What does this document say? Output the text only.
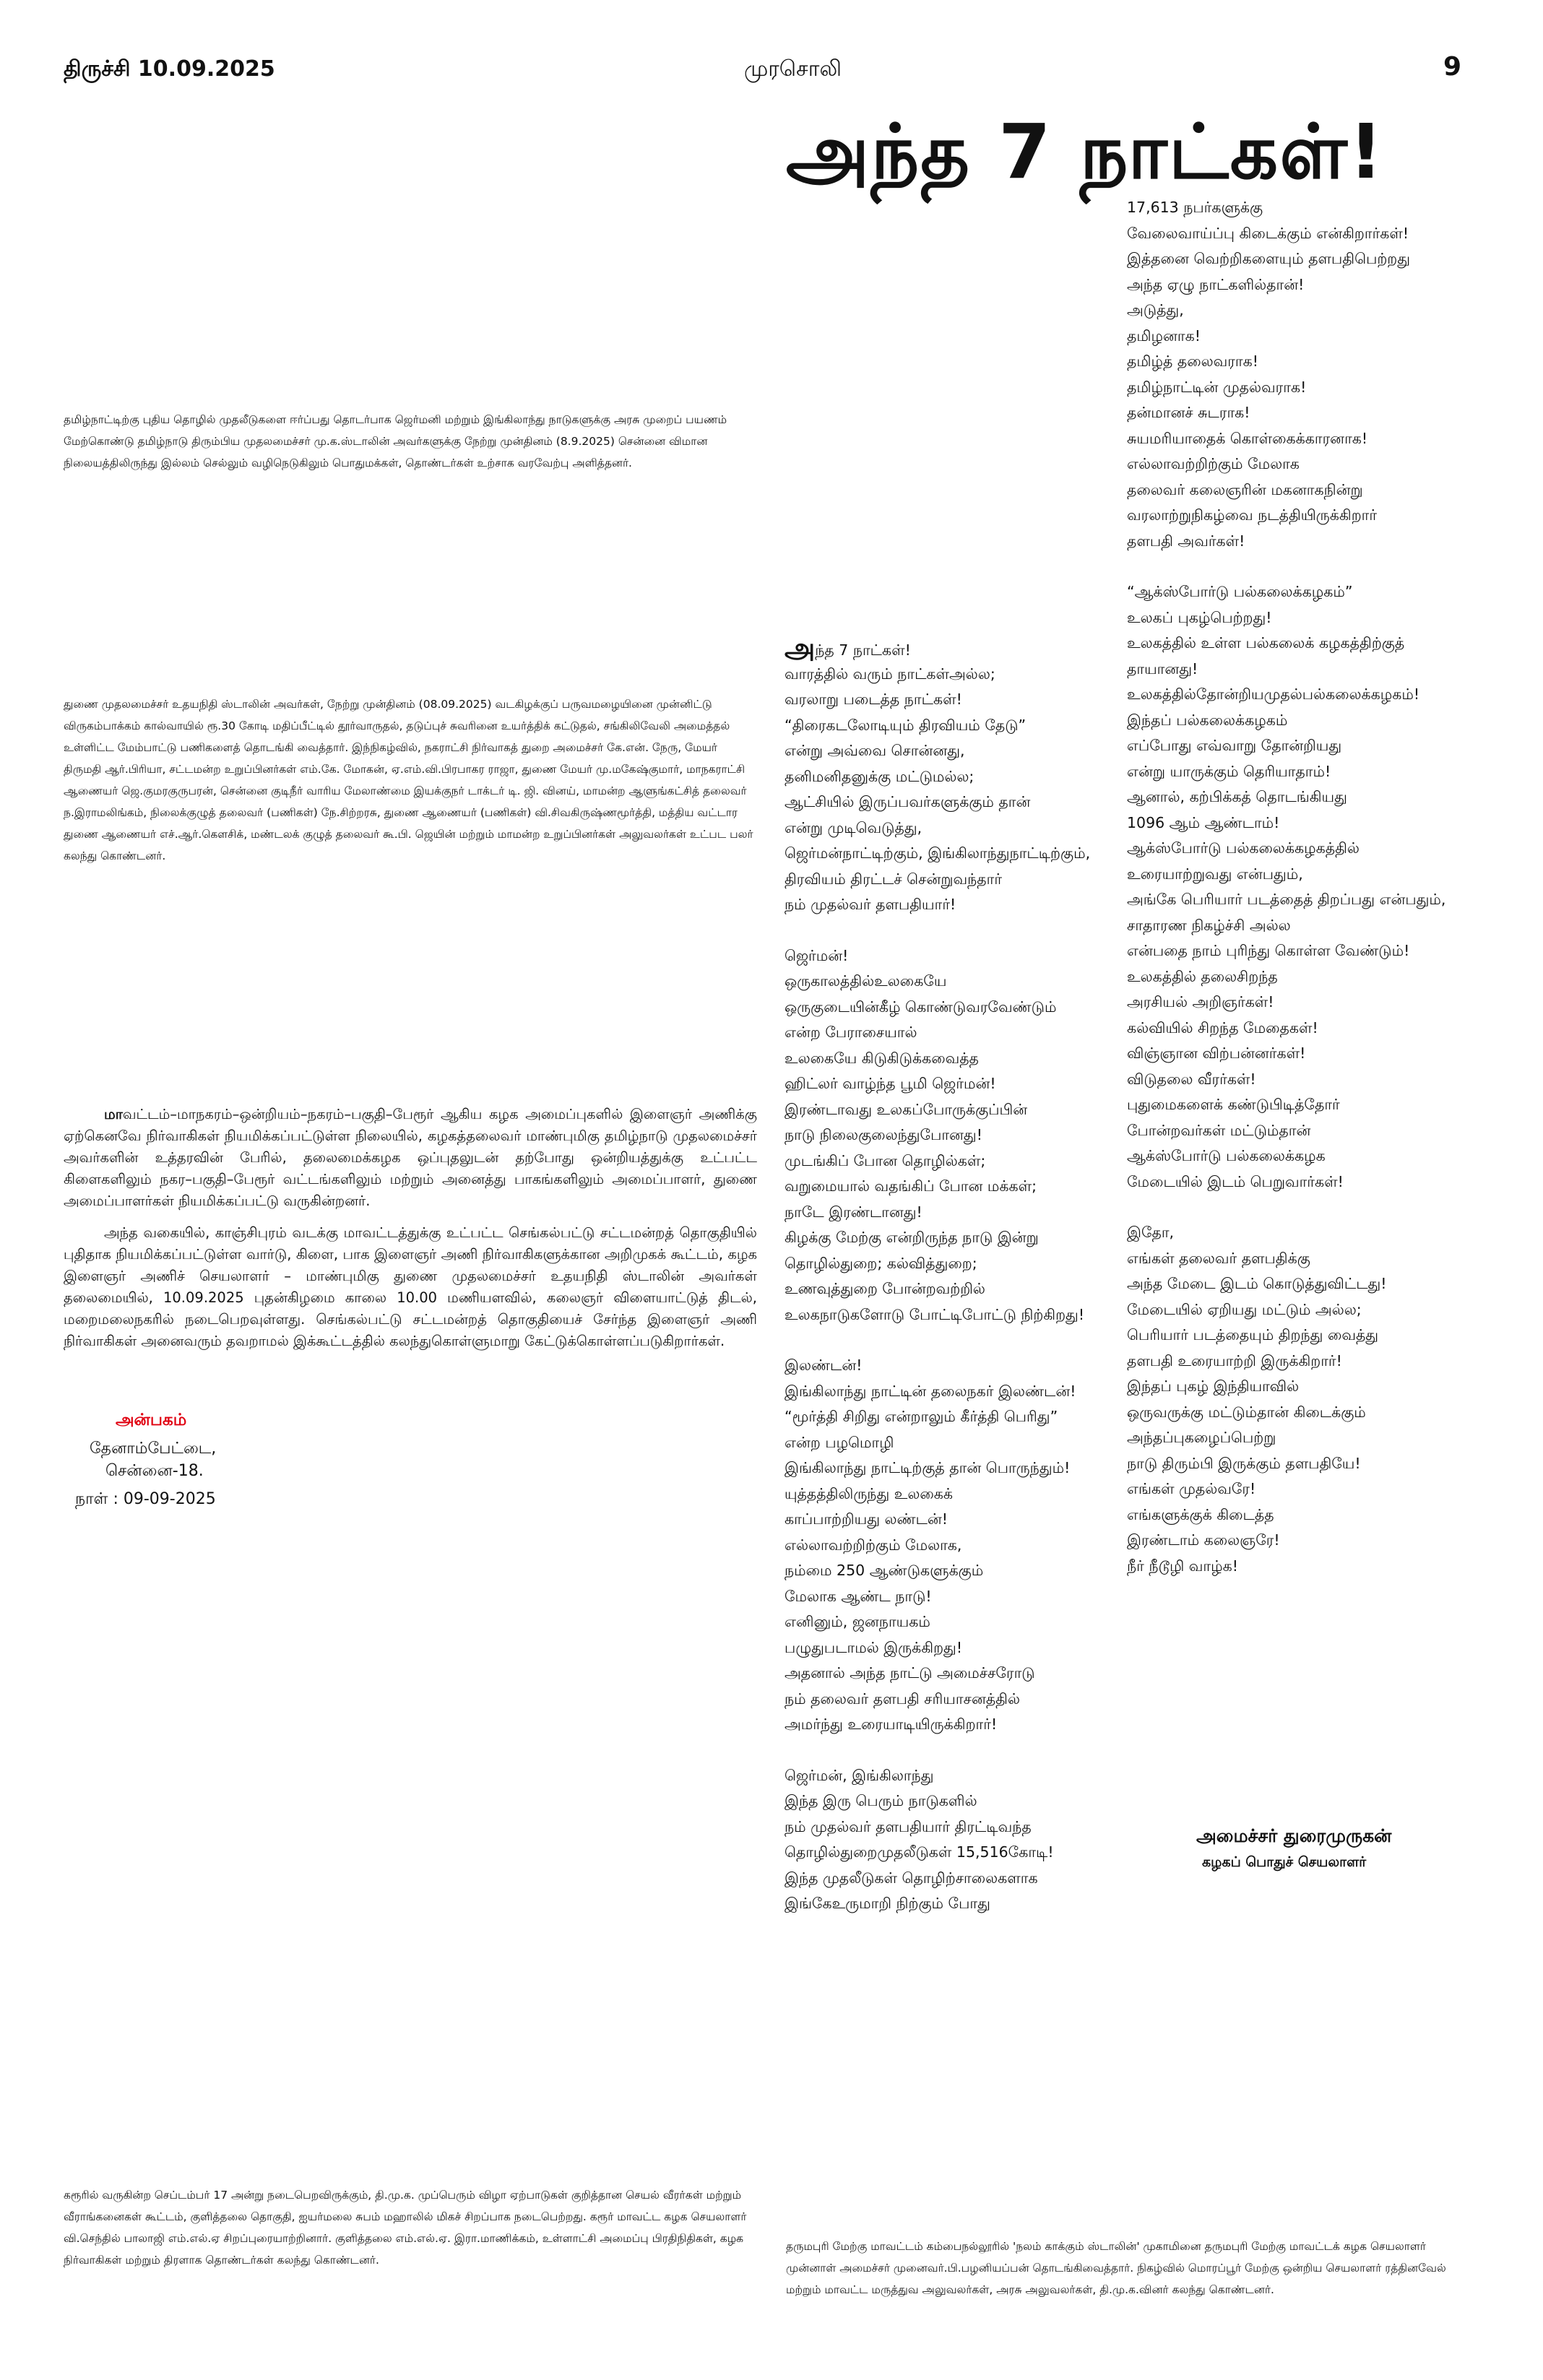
திருச்சி 10.09.2025	முரசொலி	9
அந்த 7 நாட்கள்!
தமிழ்நாட்டிற்கு புதிய தொழில் முதலீடுகளை ஈர்ப்பது தொடர்பாக ஜெர்மனி மற்றும் இங்கிலாந்து நாடுகளுக்கு அரசு முறைப் பயணம் மேற்கொண்டு தமிழ்நாடு திரும்பிய முதலமைச்சர் மு.க.ஸ்டாலின் அவர்களுக்கு நேற்று முன்தினம் (8.9.2025) சென்னை விமான நிலையத்திலிருந்து இல்லம் செல்லும் வழிநெடுகிலும் பொதுமக்கள், தொண்டர்கள் உற்சாக வரவேற்பு அளித்தனர்.
துணை முதலமைச்சர் உதயநிதி ஸ்டாலின் அவர்கள், நேற்று முன்தினம் (08.09.2025) வடகிழக்குப் பருவமழையினை முன்னிட்டு விருகம்பாக்கம் கால்வாயில் ரூ.30 கோடி மதிப்பீட்டில் தூர்வாருதல், தடுப்புச் சுவரினை உயர்த்திக் கட்டுதல், சங்கிலிவேலி அமைத்தல் உள்ளிட்ட மேம்பாட்டு பணிகளைத் தொடங்கி வைத்தார். இந்நிகழ்வில், நகராட்சி நிர்வாகத் துறை அமைச்சர் கே.என். நேரு, மேயர் திருமதி ஆர்.பிரியா, சட்டமன்ற உறுப்பினர்கள் எம்.கே. மோகன், ஏ.எம்.வி.பிரபாகர ராஜா, துணை மேயர் மு.மகேஷ்குமார், மாநகராட்சி ஆணையர் ஜெ.குமரகுருபரன், சென்னை குடிநீர் வாரிய மேலாண்மை இயக்குநர் டாக்டர் டி. ஜி. வினய், மாமன்ற ஆளுங்கட்சித் தலைவர் ந.இராமலிங்கம், நிலைக்குழுத் தலைவர் (பணிகள்) நே.சிற்றரசு, துணை ஆணையர் (பணிகள்) வி.சிவகிருஷ்ணமூர்த்தி, மத்திய வட்டார துணை ஆணையர் எச்.ஆர்.கௌசிக், மண்டலக் குழுத் தலைவர் கூ.பி. ஜெயின் மற்றும் மாமன்ற உறுப்பினர்கள் அலுவலர்கள் உட்பட பலர் கலந்து கொண்டனர்.

மாவட்டம்–மாநகரம்–ஒன்றியம்–நகரம்–பகுதி–பேரூர் ஆகிய கழக அமைப்புகளில் இளைஞர் அணிக்கு ஏற்கெனவே நிர்வாகிகள் நியமிக்கப்பட்டுள்ள நிலையில், கழகத்தலைவர் மாண்புமிகு தமிழ்நாடு முதலமைச்சர் அவர்களின் உத்தரவின் பேரில், தலைமைக்கழக ஒப்புதலுடன் தற்போது ஒன்றியத்துக்கு உட்பட்ட கிளைகளிலும் நகர–பகுதி–பேரூர் வட்டங்களிலும் மற்றும் அனைத்து பாகங்களிலும் அமைப்பாளர், துணை அமைப்பாளர்கள் நியமிக்கப்பட்டு வருகின்றனர்.

அந்த வகையில், காஞ்சிபுரம் வடக்கு மாவட்டத்துக்கு உட்பட்ட செங்கல்பட்டு சட்டமன்றத் தொகுதியில் புதிதாக நியமிக்கப்பட்டுள்ள வார்டு, கிளை, பாக இளைஞர் அணி நிர்வாகிகளுக்கான அறிமுகக் கூட்டம், கழக இளைஞர் அணிச் செயலாளர் – மாண்புமிகு துணை முதலமைச்சர் உதயநிதி ஸ்டாலின் அவர்கள் தலைமையில், 10.09.2025 புதன்கிழமை காலை 10.00 மணியளவில், கலைஞர் விளையாட்டுத் திடல், மறைமலைநகரில் நடைபெறவுள்ளது. செங்கல்பட்டு சட்டமன்றத் தொகுதியைச் சேர்ந்த இளைஞர் அணி நிர்வாகிகள் அனைவரும் தவறாமல் இக்கூட்டத்தில் கலந்துகொள்ளுமாறு கேட்டுக்கொள்ளப்படுகிறார்கள்.

அன்பகம்
தேனாம்பேட்டை,
சென்னை-18.
நாள் : 09-09-2025
கரூரில் வருகின்ற செப்டம்பர் 17 அன்று நடைபெறவிருக்கும், தி.மு.க. முப்பெரும் விழா ஏற்பாடுகள் குறித்தான செயல் வீரர்கள் மற்றும் வீராங்கனைகள் கூட்டம், குளித்தலை தொகுதி, ஐயர்மலை சுபம் மஹாலில் மிகச் சிறப்பாக நடைபெற்றது. கரூர் மாவட்ட கழக செயலாளர் வி.செந்தில் பாலாஜி எம்.எல்.ஏ சிறப்புரையாற்றினார். குளித்தலை எம்.எல்.ஏ. இரா.மாணிக்கம், உள்ளாட்சி அமைப்பு பிரதிநிதிகள், கழக நிர்வாகிகள் மற்றும் திரளாக தொண்டர்கள் கலந்து கொண்டனர்.
தருமபுரி மேற்கு மாவட்டம் கம்பைநல்லூரில் 'நலம் காக்கும் ஸ்டாலின்' முகாமினை தருமபுரி மேற்கு மாவட்டக் கழக செயலாளர் முன்னாள் அமைச்சர் முனைவர்.பி.பழனியப்பன் தொடங்கிவைத்தார். நிகழ்வில் மொரப்பூர் மேற்கு ஒன்றிய செயலாளர் ரத்தினவேல் மற்றும் மாவட்ட மருத்துவ அலுவலர்கள், அரசு அலுவலர்கள், தி.மு.க.வினர் கலந்து கொண்டனர்.
அந்த 7 நாட்கள்!
வாரத்தில் வரும் நாட்கள்அல்ல;
வரலாறு படைத்த நாட்கள்!
“திரைகடலோடியும் திரவியம் தேடு”
என்று அவ்வை சொன்னது,
தனிமனிதனுக்கு மட்டுமல்ல;
ஆட்சியில் இருப்பவர்களுக்கும் தான்
என்று முடிவெடுத்து,
ஜெர்மன்நாட்டிற்கும், இங்கிலாந்துநாட்டிற்கும்,
திரவியம் திரட்டச் சென்றுவந்தார்
நம் முதல்வர் தளபதியார்!
ஜெர்மன்!
ஒருகாலத்தில்உலகையே
ஒருகுடையின்கீழ் கொண்டுவரவேண்டும்
என்ற பேராசையால்
உலகையே கிடுகிடுக்கவைத்த
ஹிட்லர் வாழ்ந்த பூமி ஜெர்மன்!
இரண்டாவது உலகப்போருக்குப்பின்
நாடு நிலைகுலைந்துபோனது!
முடங்கிப் போன தொழில்கள்;
வறுமையால் வதங்கிப் போன மக்கள்;
நாடே இரண்டானது!
கிழக்கு மேற்கு என்றிருந்த நாடு இன்று
தொழில்துறை; கல்வித்துறை;
உணவுத்துறை போன்றவற்றில்
உலகநாடுகளோடு போட்டிபோட்டு நிற்கிறது!
இலண்டன்!
இங்கிலாந்து நாட்டின் தலைநகர் இலண்டன்!
“மூர்த்தி சிறிது என்றாலும் கீர்த்தி பெரிது”
என்ற பழமொழி
இங்கிலாந்து நாட்டிற்குத் தான் பொருந்தும்!
யுத்தத்திலிருந்து உலகைக்
காப்பாற்றியது லண்டன்!
எல்லாவற்றிற்கும் மேலாக,
நம்மை 250 ஆண்டுகளுக்கும்
மேலாக ஆண்ட நாடு!
எனினும், ஜனநாயகம்
பழுதுபடாமல் இருக்கிறது!
அதனால் அந்த நாட்டு அமைச்சரோடு
நம் தலைவர் தளபதி சரியாசனத்தில்
அமர்ந்து உரையாடியிருக்கிறார்!
ஜெர்மன், இங்கிலாந்து
இந்த இரு பெரும் நாடுகளில்
நம் முதல்வர் தளபதியார் திரட்டிவந்த
தொழில்துறைமுதலீடுகள் 15,516கோடி!
இந்த முதலீடுகள் தொழிற்சாலைகளாக
இங்கேஉருமாறி நிற்கும் போது
17,613 நபர்களுக்கு
வேலைவாய்ப்பு கிடைக்கும் என்கிறார்கள்!
இத்தனை வெற்றிகளையும் தளபதிபெற்றது
அந்த ஏழு நாட்களில்தான்!
அடுத்து,
தமிழனாக!
தமிழ்த் தலைவராக!
தமிழ்நாட்டின் முதல்வராக!
தன்மானச் சுடராக!
சுயமரியாதைக் கொள்கைக்காரனாக!
எல்லாவற்றிற்கும் மேலாக
தலைவர் கலைஞரின் மகனாகநின்று
வரலாற்றுநிகழ்வை நடத்தியிருக்கிறார்
தளபதி அவர்கள்!
“ஆக்ஸ்போர்டு பல்கலைக்கழகம்”
உலகப் புகழ்பெற்றது!
உலகத்தில் உள்ள பல்கலைக் கழகத்திற்குத்
தாயானது!
உலகத்தில்தோன்றியமுதல்பல்கலைக்கழகம்!
இந்தப் பல்கலைக்கழகம்
எப்போது எவ்வாறு தோன்றியது
என்று யாருக்கும் தெரியாதாம்!
ஆனால், கற்பிக்கத் தொடங்கியது
1096 ஆம் ஆண்டாம்!
ஆக்ஸ்போர்டு பல்கலைக்கழகத்தில்
உரையாற்றுவது என்பதும்,
அங்கே பெரியார் படத்தைத் திறப்பது என்பதும்,
சாதாரண நிகழ்ச்சி அல்ல
என்பதை நாம் புரிந்து கொள்ள வேண்டும்!
உலகத்தில் தலைசிறந்த
அரசியல் அறிஞர்கள்!
கல்வியில் சிறந்த மேதைகள்!
விஞ்ஞான விற்பன்னர்கள்!
விடுதலை வீரர்கள்!
புதுமைகளைக் கண்டுபிடித்தோர்
போன்றவர்கள் மட்டும்தான்
ஆக்ஸ்போர்டு பல்கலைக்கழக
மேடையில் இடம் பெறுவார்கள்!
இதோ,
எங்கள் தலைவர் தளபதிக்கு
அந்த மேடை இடம் கொடுத்துவிட்டது!
மேடையில் ஏறியது மட்டும் அல்ல;
பெரியார் படத்தையும் திறந்து வைத்து
தளபதி உரையாற்றி இருக்கிறார்!
இந்தப் புகழ் இந்தியாவில்
ஒருவருக்கு மட்டும்தான் கிடைக்கும்
அந்தப்புகழைப்பெற்று
நாடு திரும்பி இருக்கும் தளபதியே!
எங்கள் முதல்வரே!
எங்களுக்குக் கிடைத்த
இரண்டாம் கலைஞரே!
நீர் நீடூழி வாழ்க!
அமைச்சர் துரைமுருகன்
கழகப் பொதுச் செயலாளர்
